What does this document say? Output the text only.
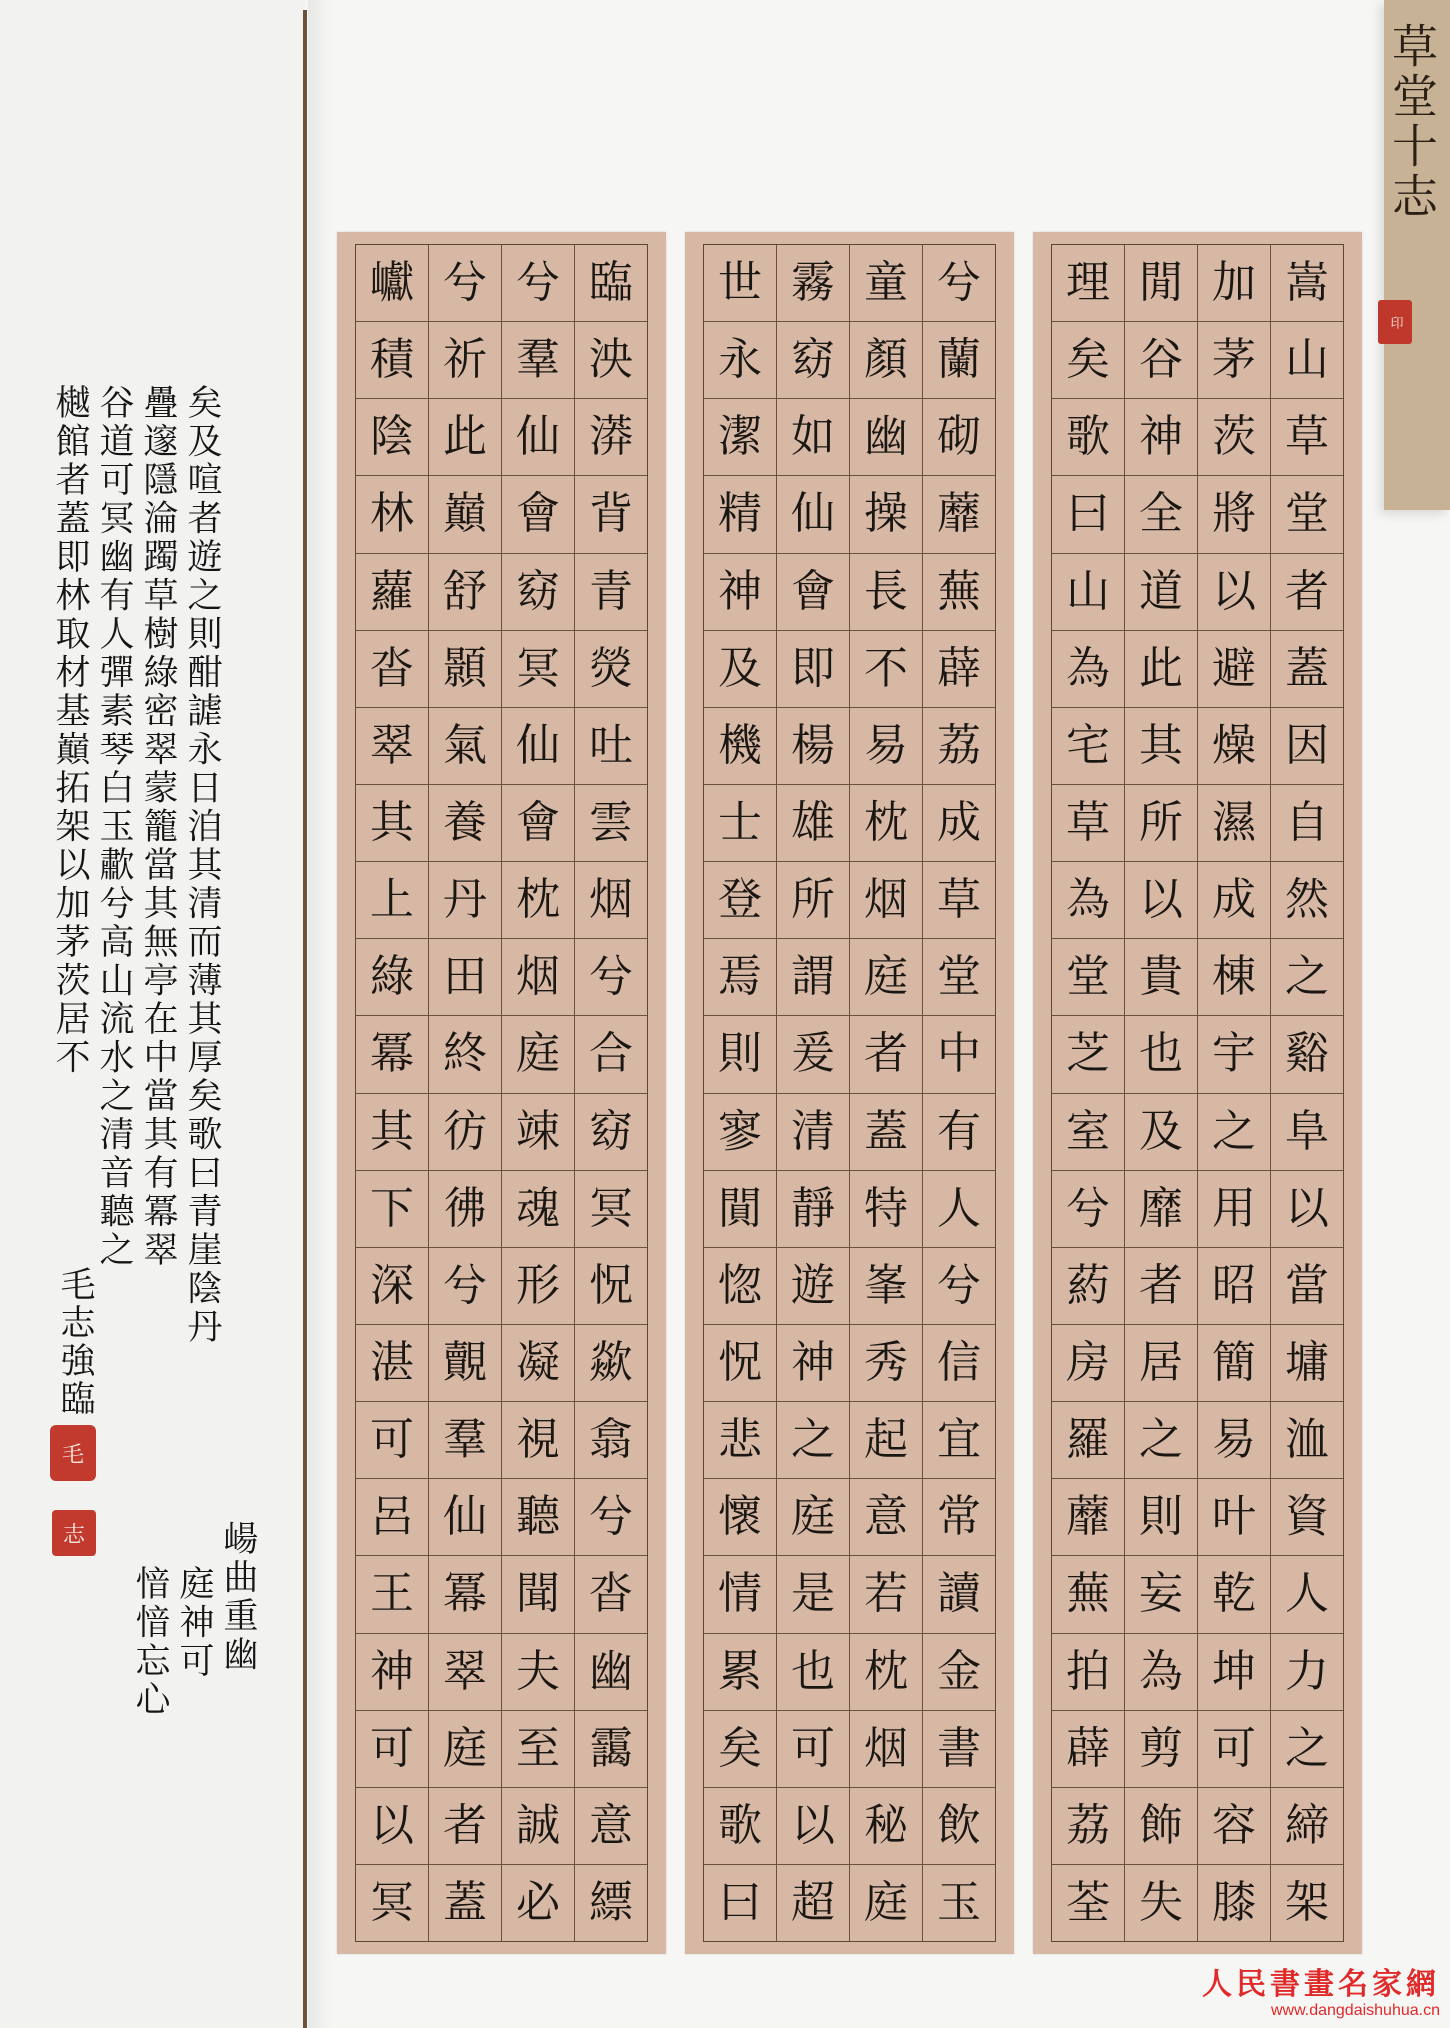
草堂十志
印
嵩
山
草
堂
者
蓋
因
自
然
之
谿
阜
以
當
墉
洫
資
人
力
之
締
架
加
茅
茨
將
以
避
燥
濕
成
棟
宇
之
用
昭
簡
易
叶
乾
坤
可
容
膝
閒
谷
神
全
道
此
其
所
以
貴
也
及
靡
者
居
之
則
妄
為
剪
飾
失
理
矣
歌
曰
山
為
宅
草
為
堂
芝
室
兮
葯
房
羅
蘼
蕪
拍
薜
荔
荃
兮
蘭
砌
蘼
蕪
薜
荔
成
草
堂
中
有
人
兮
信
宜
常
讀
金
書
飲
玉
童
顏
幽
操
長
不
易
枕
烟
庭
者
蓋
特
峯
秀
起
意
若
枕
烟
秘
庭
霧
窈
如
仙
會
即
楊
雄
所
謂
爰
清
靜
遊
神
之
庭
是
也
可
以
超
世
永
潔
精
神
及
機
士
登
焉
則
寥
閴
惚
怳
悲
懷
情
累
矣
歌
曰
臨
泱
漭
背
青
熒
吐
雲
烟
兮
合
窈
冥
怳
歘
翕
兮
沓
幽
靄
意
縹
兮
羣
仙
會
窈
冥
仙
會
枕
烟
庭
竦
魂
形
凝
視
聽
聞
夫
至
誠
必
兮
祈
此
巔
舒
顥
氣
養
丹
田
終
彷
彿
兮
覿
羣
仙
冪
翠
庭
者
蓋
巘
積
陰
林
蘿
沓
翠
其
上
綠
冪
其
下
深
湛
可
呂
王
神
可
以
冥
矣及喧者遊之則酣謔永日洎其清而薄其厚矣歌曰青崖陰丹
疊邃隱淪躅草樹綠密翠蒙籠當其無亭在中當其有冪翠
谷道可冥幽有人彈素琴白玉歗兮高山流水之清音聽之
樾館者蓋即林取材基巔拓架以加茅茨居不
崵曲重幽
庭神可
愔愔忘心
毛志強臨
毛
志
人民書畫名家網
www.dangdaishuhua.cn
